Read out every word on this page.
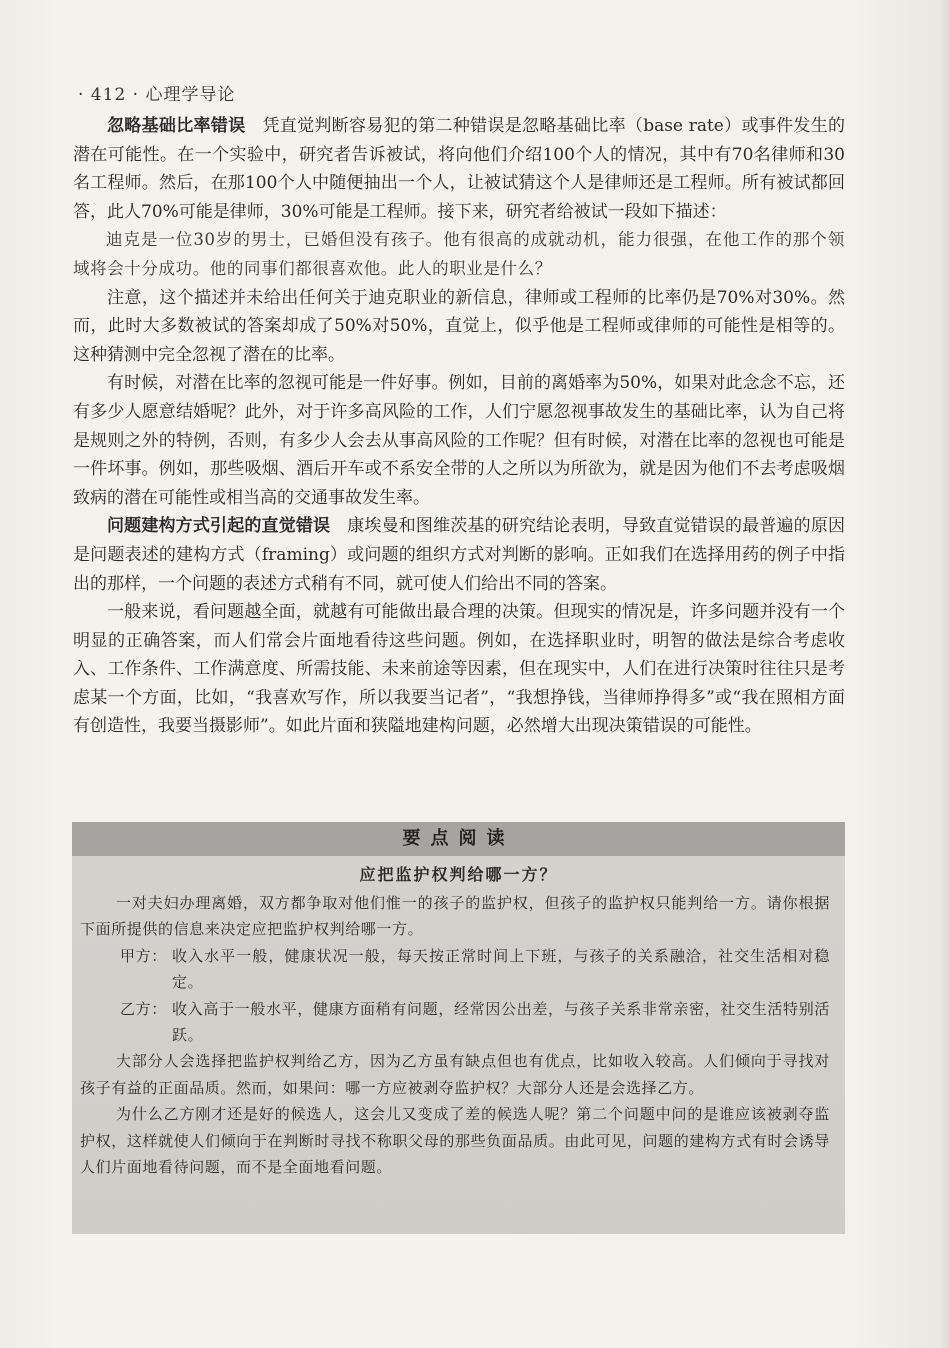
· 412 · 心理学导论

忽略基础比率错误 凭直觉判断容易犯的第二种错误是忽略基础比率（base rate）或事件发生的潜在可能性。在一个实验中，研究者告诉被试，将向他们介绍100个人的情况，其中有70名律师和30名工程师。然后，在那100个人中随便抽出一个人，让被试猜这个人是律师还是工程师。所有被试都回答，此人70%可能是律师，30%可能是工程师。接下来，研究者给被试一段如下描述：

迪克是一位30岁的男士，已婚但没有孩子。他有很高的成就动机，能力很强，在他工作的那个领域将会十分成功。他的同事们都很喜欢他。此人的职业是什么？

注意，这个描述并未给出任何关于迪克职业的新信息，律师或工程师的比率仍是70%对30%。然而，此时大多数被试的答案却成了50%对50%，直觉上，似乎他是工程师或律师的可能性是相等的。这种猜测中完全忽视了潜在的比率。

有时候，对潜在比率的忽视可能是一件好事。例如，目前的离婚率为50%，如果对此念念不忘，还有多少人愿意结婚呢？此外，对于许多高风险的工作，人们宁愿忽视事故发生的基础比率，认为自己将是规则之外的特例，否则，有多少人会去从事高风险的工作呢？但有时候，对潜在比率的忽视也可能是一件坏事。例如，那些吸烟、酒后开车或不系安全带的人之所以为所欲为，就是因为他们不去考虑吸烟致病的潜在可能性或相当高的交通事故发生率。

问题建构方式引起的直觉错误 康埃曼和图维茨基的研究结论表明，导致直觉错误的最普遍的原因是问题表述的建构方式（framing）或问题的组织方式对判断的影响。正如我们在选择用药的例子中指出的那样，一个问题的表述方式稍有不同，就可使人们给出不同的答案。

一般来说，看问题越全面，就越有可能做出最合理的决策。但现实的情况是，许多问题并没有一个明显的正确答案，而人们常会片面地看待这些问题。例如，在选择职业时，明智的做法是综合考虑收入、工作条件、工作满意度、所需技能、未来前途等因素，但在现实中，人们在进行决策时往往只是考虑某一个方面，比如，“我喜欢写作，所以我要当记者”，“我想挣钱，当律师挣得多”或“我在照相方面有创造性，我要当摄影师”。如此片面和狭隘地建构问题，必然增大出现决策错误的可能性。

要点阅读
应把监护权判给哪一方？

一对夫妇办理离婚，双方都争取对他们惟一的孩子的监护权，但孩子的监护权只能判给一方。请你根据下面所提供的信息来决定应把监护权判给哪一方。

甲方： 收入水平一般，健康状况一般，每天按正常时间上下班，与孩子的关系融洽，社交生活相对稳定。

乙方： 收入高于一般水平，健康方面稍有问题，经常因公出差，与孩子关系非常亲密，社交生活特别活跃。

大部分人会选择把监护权判给乙方，因为乙方虽有缺点但也有优点，比如收入较高。人们倾向于寻找对孩子有益的正面品质。然而，如果问：哪一方应被剥夺监护权？大部分人还是会选择乙方。

为什么乙方刚才还是好的候选人，这会儿又变成了差的候选人呢？第二个问题中问的是谁应该被剥夺监护权，这样就使人们倾向于在判断时寻找不称职父母的那些负面品质。由此可见，问题的建构方式有时会诱导人们片面地看待问题，而不是全面地看问题。
